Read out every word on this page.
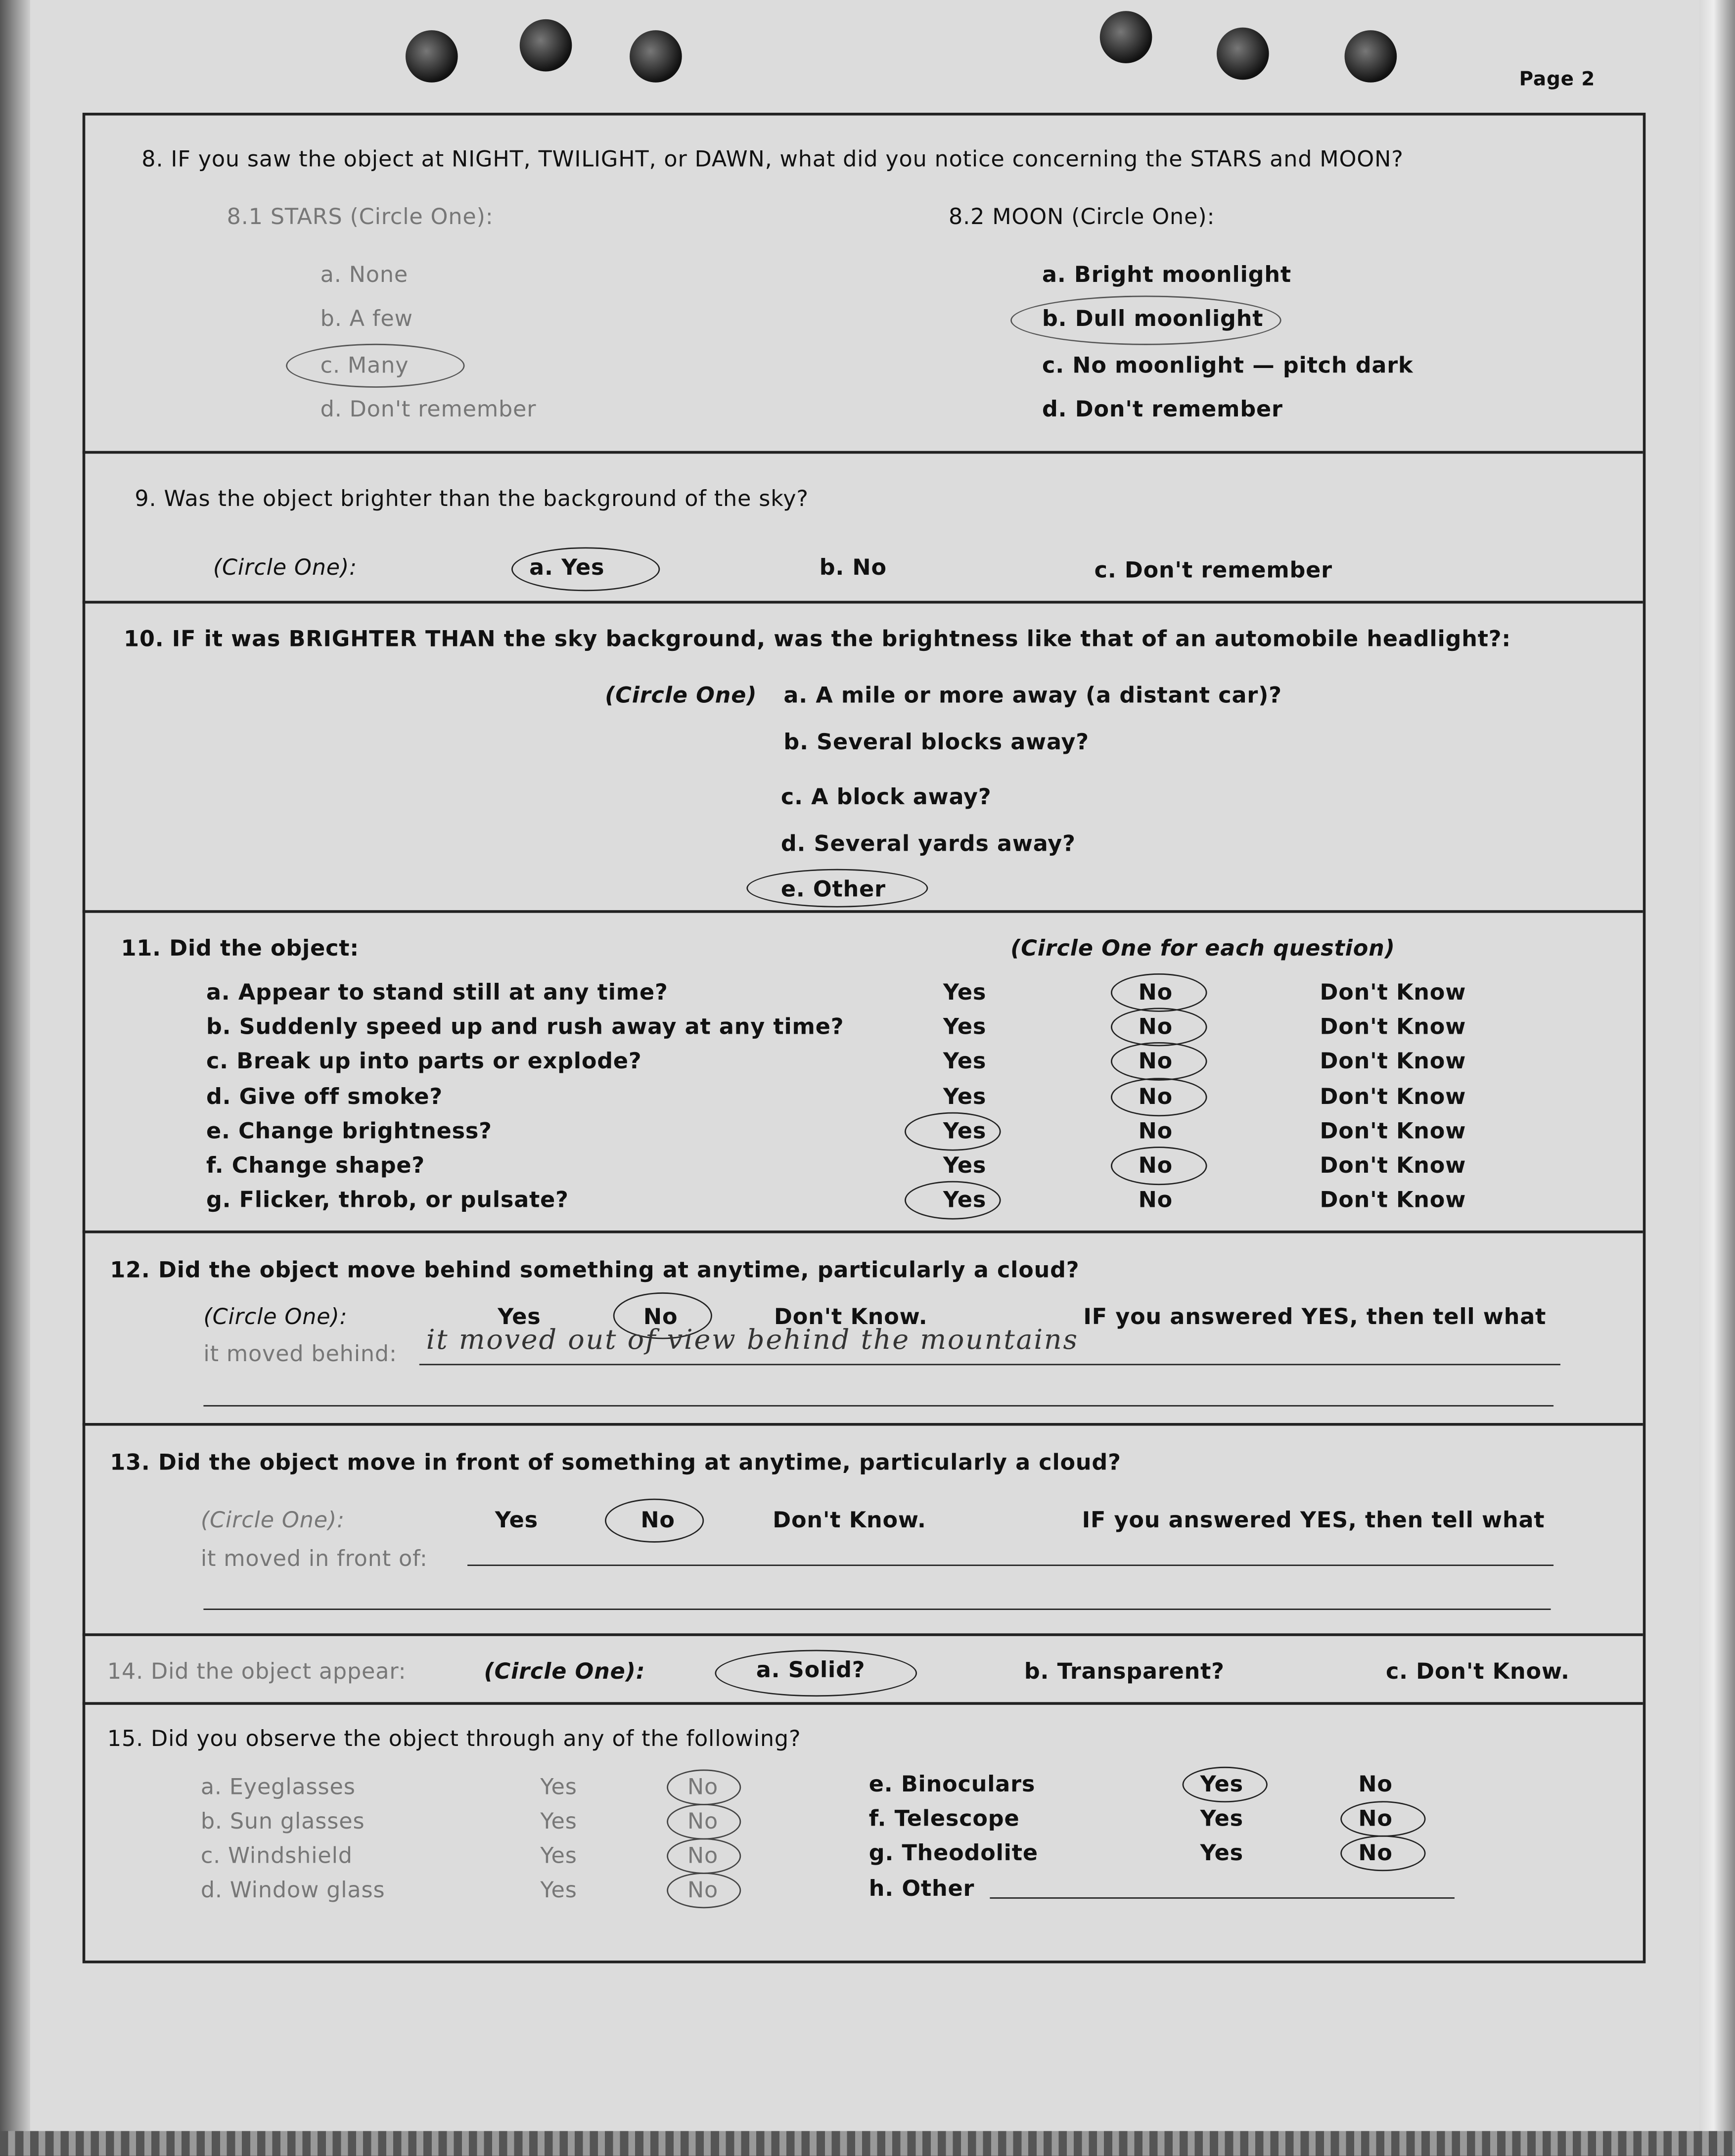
Page 2
8. IF you saw the object at NIGHT, TWILIGHT, or DAWN, what did you notice concerning the STARS and MOON?
8.1 STARS (Circle One):	8.2 MOON (Circle One):
a. None
b. A few
c. Many
d. Don't remember
a. Bright moonlight
b. Dull moonlight
c. No moonlight — pitch dark
d. Don't remember
9. Was the object brighter than the background of the sky?
(Circle One):	a. Yes	b. No	c. Don't remember
10. IF it was BRIGHTER THAN the sky background, was the brightness like that of an automobile headlight?:
(Circle One)	a. A mile or more away (a distant car)?
b. Several blocks away?
c. A block away?
d. Several yards away?
e. Other
11. Did the object:	(Circle One for each question)
a. Appear to stand still at any time?	Yes	No	Don't Know
b. Suddenly speed up and rush away at any time?	Yes	No	Don't Know
c. Break up into parts or explode?	Yes	No	Don't Know
d. Give off smoke?	Yes	No	Don't Know
e. Change brightness?	Yes	No	Don't Know
f. Change shape?	Yes	No	Don't Know
g. Flicker, throb, or pulsate?	Yes	No	Don't Know
12. Did the object move behind something at anytime, particularly a cloud?
(Circle One):	Yes	No	Don't Know.	IF you answered YES, then tell what
it moved behind:	it moved out of view behind the mountains
13. Did the object move in front of something at anytime, particularly a cloud?
(Circle One):	Yes	No	Don't Know.	IF you answered YES, then tell what
it moved in front of:
14. Did the object appear:	(Circle One):	a. Solid?	b. Transparent?	c. Don't Know.
15. Did you observe the object through any of the following?
a. Eyeglasses	Yes	No
b. Sun glasses	Yes	No
c. Windshield	Yes	No
d. Window glass	Yes	No
e. Binoculars	Yes	No
f. Telescope	Yes	No
g. Theodolite	Yes	No
h. Other
